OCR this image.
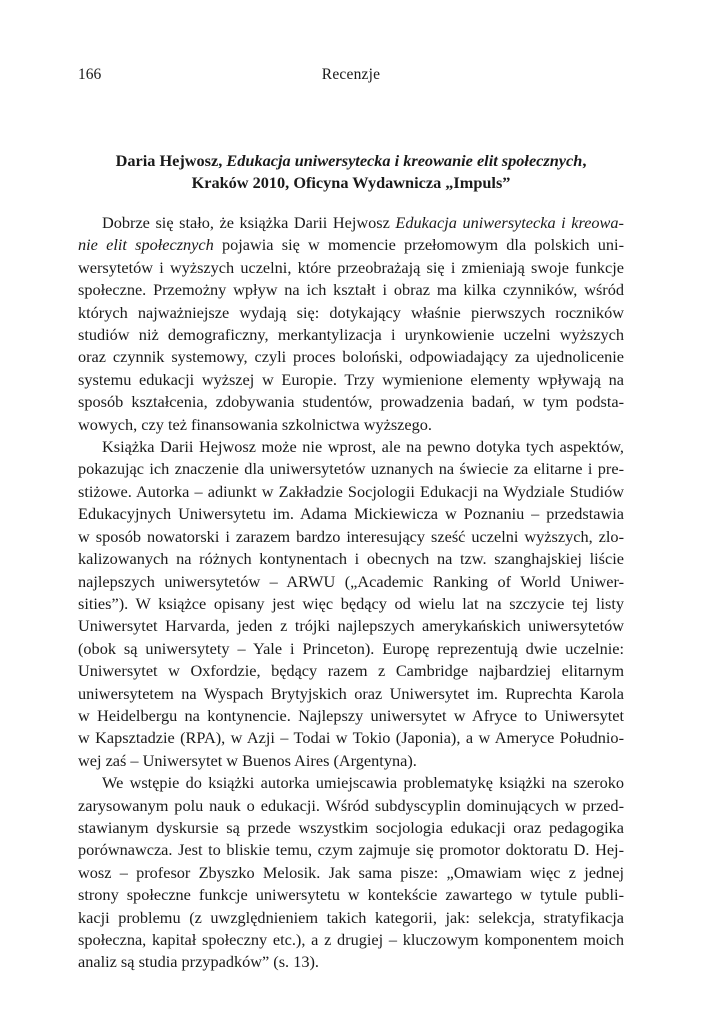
166	Recenzje
Daria Hejwosz, Edukacja uniwersytecka i kreowanie elit społecznych,
Kraków 2010, Oficyna Wydawnicza „Impuls”
Dobrze się stało, że książka Darii Hejwosz Edukacja uniwersytecka i kreowa-
nie elit społecznych pojawia się w momencie przełomowym dla polskich uni-
wersytetów i wyższych uczelni, które przeobrażają się i zmieniają swoje funkcje
społeczne. Przemożny wpływ na ich kształt i obraz ma kilka czynników, wśród
których najważniejsze wydają się: dotykający właśnie pierwszych roczników
studiów niż demograficzny, merkantylizacja i urynkowienie uczelni wyższych
oraz czynnik systemowy, czyli proces boloński, odpowiadający za ujednolicenie
systemu edukacji wyższej w Europie. Trzy wymienione elementy wpływają na
sposób kształcenia, zdobywania studentów, prowadzenia badań, w tym podsta-
wowych, czy też finansowania szkolnictwa wyższego.
Książka Darii Hejwosz może nie wprost, ale na pewno dotyka tych aspektów,
pokazując ich znaczenie dla uniwersytetów uznanych na świecie za elitarne i pre-
stiżowe. Autorka – adiunkt w Zakładzie Socjologii Edukacji na Wydziale Studiów
Edukacyjnych Uniwersytetu im. Adama Mickiewicza w Poznaniu – przedstawia
w sposób nowatorski i zarazem bardzo interesujący sześć uczelni wyższych, zlo-
kalizowanych na różnych kontynentach i obecnych na tzw. szanghajskiej liście
najlepszych uniwersytetów – ARWU („Academic Ranking of World Uniwer-
sities”). W książce opisany jest więc będący od wielu lat na szczycie tej listy
Uniwersytet Harvarda, jeden z trójki najlepszych amerykańskich uniwersytetów
(obok są uniwersytety – Yale i Princeton). Europę reprezentują dwie uczelnie:
Uniwersytet w Oxfordzie, będący razem z Cambridge najbardziej elitarnym
uniwersytetem na Wyspach Brytyjskich oraz Uniwersytet im. Ruprechta Karola
w Heidelbergu na kontynencie. Najlepszy uniwersytet w Afryce to Uniwersytet
w Kapsztadzie (RPA), w Azji – Todai w Tokio (Japonia), a w Ameryce Południo-
wej zaś – Uniwersytet w Buenos Aires (Argentyna).
We wstępie do książki autorka umiejscawia problematykę książki na szeroko
zarysowanym polu nauk o edukacji. Wśród subdyscyplin dominujących w przed-
stawianym dyskursie są przede wszystkim socjologia edukacji oraz pedagogika
porównawcza. Jest to bliskie temu, czym zajmuje się promotor doktoratu D. Hej-
wosz – profesor Zbyszko Melosik. Jak sama pisze: „Omawiam więc z jednej
strony społeczne funkcje uniwersytetu w kontekście zawartego w tytule publi-
kacji problemu (z uwzględnieniem takich kategorii, jak: selekcja, stratyfikacja
społeczna, kapitał społeczny etc.), a z drugiej – kluczowym komponentem moich
analiz są studia przypadków” (s. 13).
